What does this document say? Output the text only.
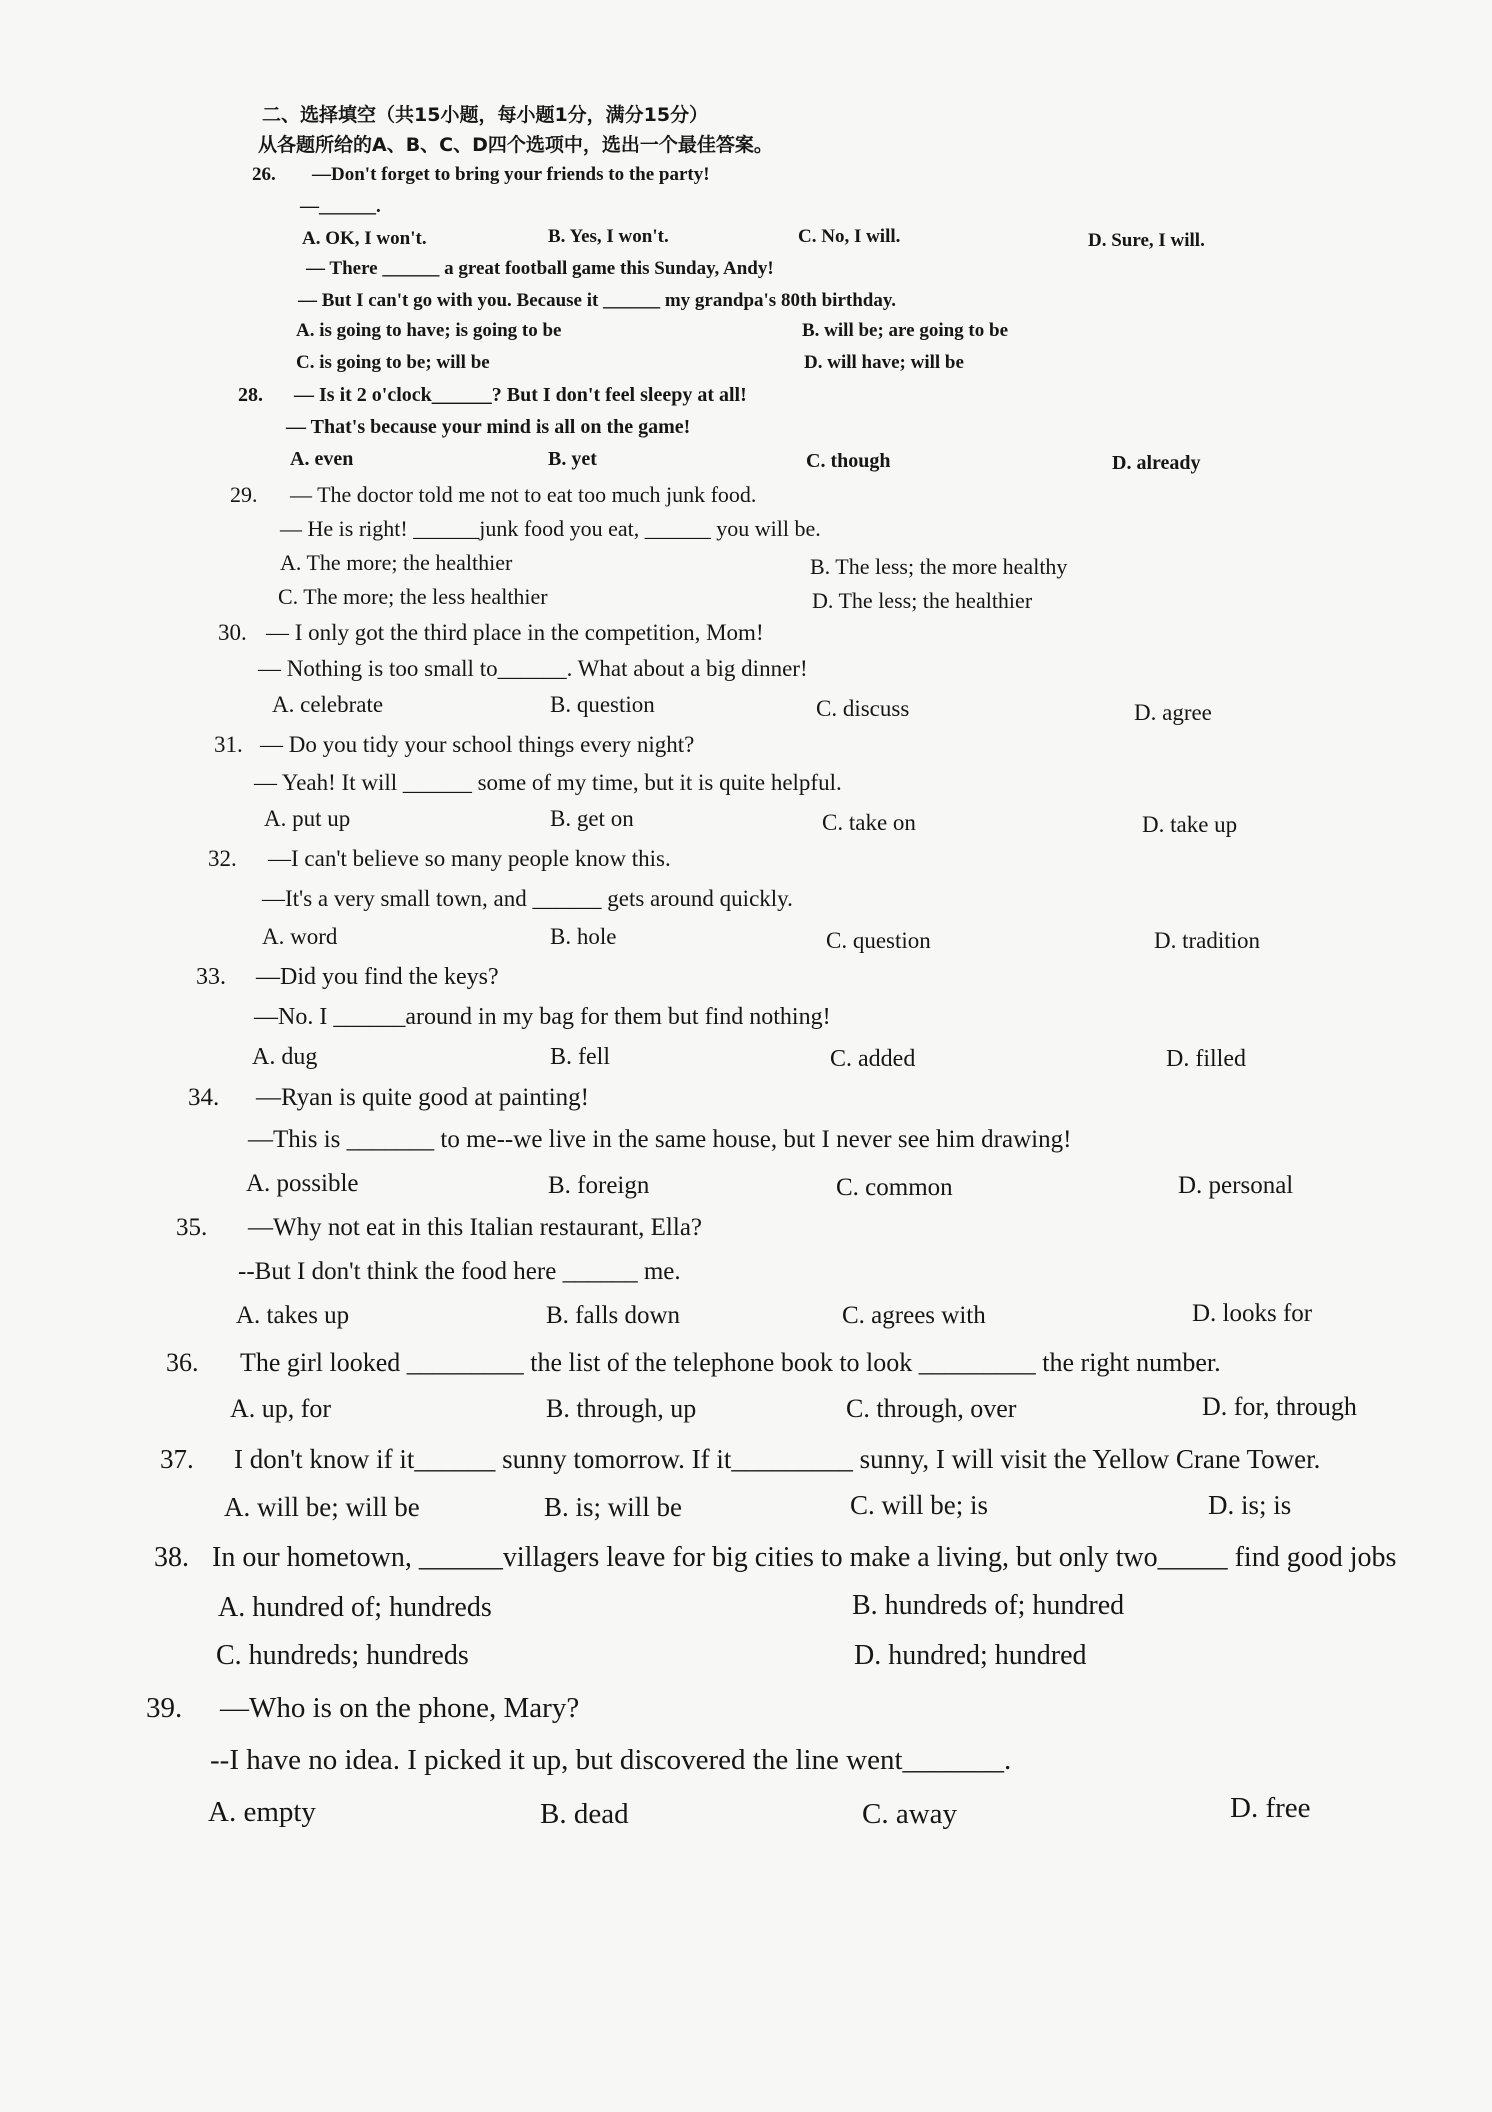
二、选择填空（共15小题，每小题1分，满分15分）
从各题所给的A、B、C、D四个选项中，选出一个最佳答案。
26. —Don't forget to bring your friends to the party!
—______.
A. OK, I won't.	B. Yes, I won't.	C. No, I will.	D. Sure, I will.
— There ______ a great football game this Sunday, Andy!
— But I can't go with you. Because it ______ my grandpa's 80th birthday.
A. is going to have; is going to be	B. will be; are going to be
C. is going to be; will be	D. will have; will be
28. — Is it 2 o'clock______? But I don't feel sleepy at all!
— That's because your mind is all on the game!
A. even	B. yet	C. though	D. already
29. — The doctor told me not to eat too much junk food.
— He is right! ______junk food you eat, ______ you will be.
A. The more; the healthier	B. The less; the more healthy
C. The more; the less healthier	D. The less; the healthier
30. — I only got the third place in the competition, Mom!
— Nothing is too small to______. What about a big dinner!
A. celebrate	B. question	C. discuss	D. agree
31. — Do you tidy your school things every night?
— Yeah! It will ______ some of my time, but it is quite helpful.
A. put up	B. get on	C. take on	D. take up
32. —I can't believe so many people know this.
—It's a very small town, and ______ gets around quickly.
A. word	B. hole	C. question	D. tradition
33. —Did you find the keys?
—No. I ______around in my bag for them but find nothing!
A. dug	B. fell	C. added	D. filled
34. —Ryan is quite good at painting!
—This is _______ to me--we live in the same house, but I never see him drawing!
A. possible	B. foreign	C. common	D. personal
35. —Why not eat in this Italian restaurant, Ella?
--But I don't think the food here ______ me.
A. takes up	B. falls down	C. agrees with	D. looks for
36. The girl looked _________ the list of the telephone book to look _________ the right number.
A. up, for	B. through, up	C. through, over	D. for, through
37. I don't know if it______ sunny tomorrow. If it_________ sunny, I will visit the Yellow Crane Tower.
A. will be; will be	B. is; will be	C. will be; is	D. is; is
38. In our hometown, ______villagers leave for big cities to make a living, but only two_____ find good jobs
A. hundred of; hundreds	B. hundreds of; hundred
C. hundreds; hundreds	D. hundred; hundred
39. —Who is on the phone, Mary?
--I have no idea. I picked it up, but discovered the line went_______.
A. empty	B. dead	C. away	D. free
